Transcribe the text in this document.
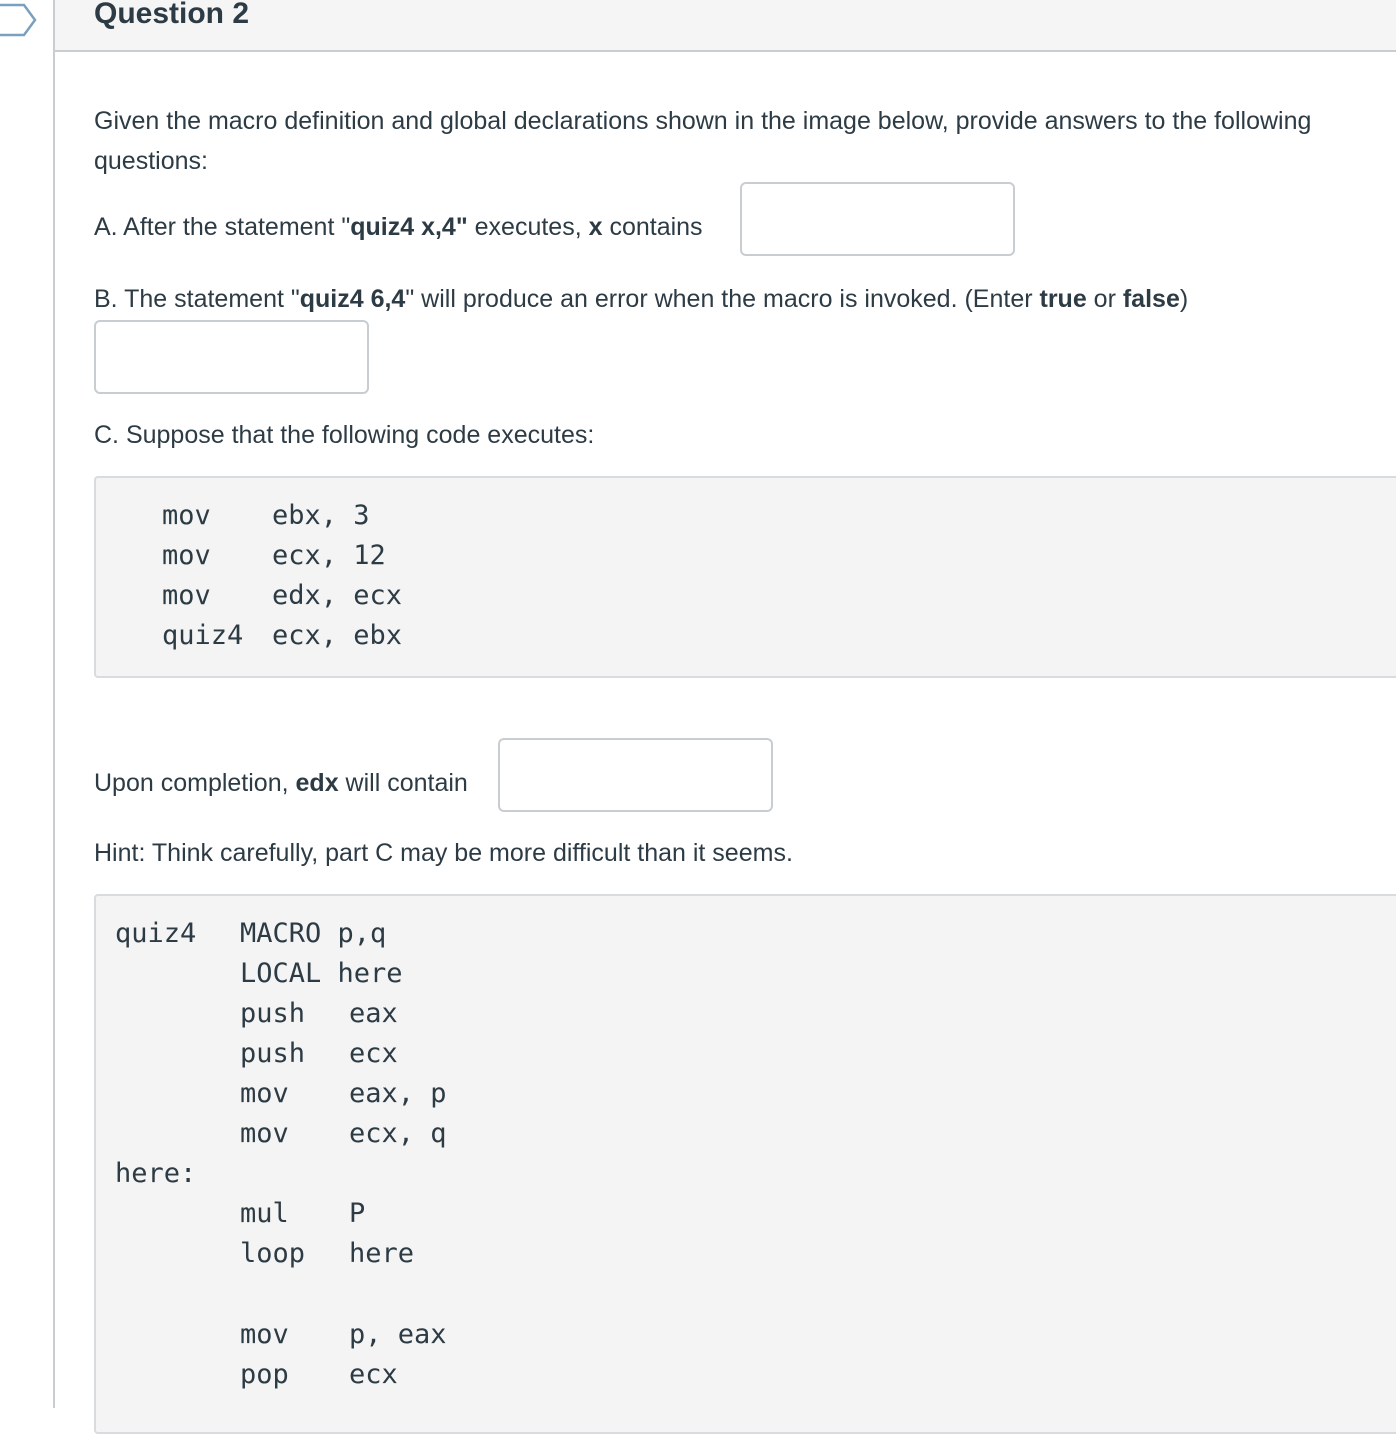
Question 2
Given the macro definition and global declarations shown in the image below, provide answers to the following
questions:
A. After the statement "quiz4 x,4" executes, x contains
B. The statement "quiz4 6,4" will produce an error when the macro is invoked. (Enter true or false)
C. Suppose that the following code executes:
mov ebx, 3
mov ecx, 12
mov edx, ecx
quiz4 ecx, ebx
Upon completion, edx will contain
Hint: Think carefully, part C may be more difficult than it seems.
quiz4 MACRO p,q
LOCAL here
push eax
push ecx
mov eax, p
mov ecx, q
here:
mul P
loop here
mov p, eax
pop ecx
